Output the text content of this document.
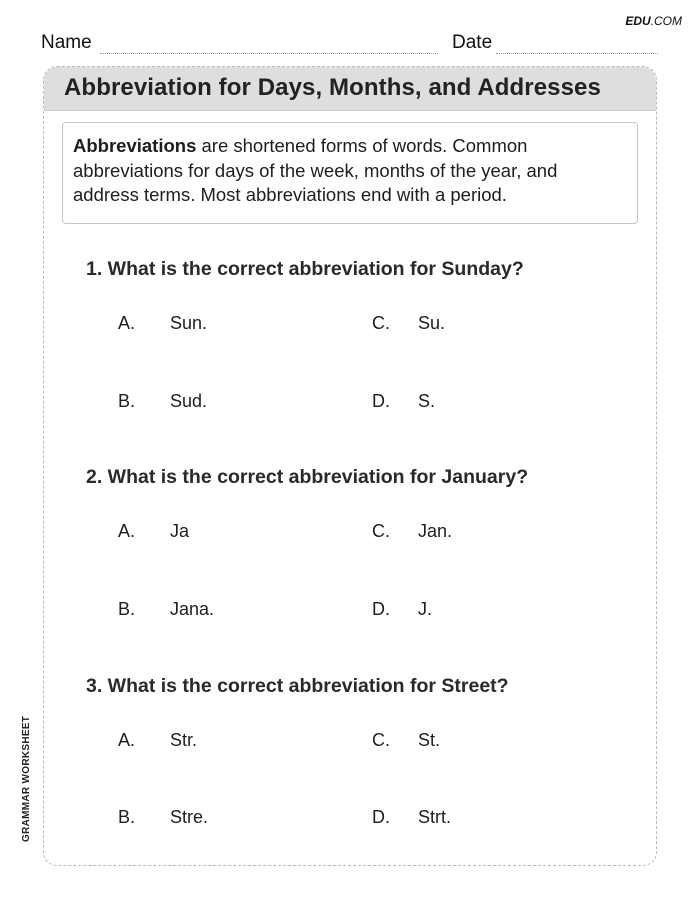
EDU.COM
Name	Date
Abbreviation for Days, Months, and Addresses
Abbreviations are shortened forms of words. Common abbreviations for days of the week, months of the year, and address terms. Most abbreviations end with a period.
1. What is the correct abbreviation for Sunday?
A.	Sun.
B.	Sud.
C.	Su.
D.	S.
2. What is the correct abbreviation for January?
A.	Ja
B.	Jana.
C.	Jan.
D.	J.
3. What is the correct abbreviation for Street?
A.	Str.
B.	Stre.
C.	St.
D.	Strt.
GRAMMAR WORKSHEET
